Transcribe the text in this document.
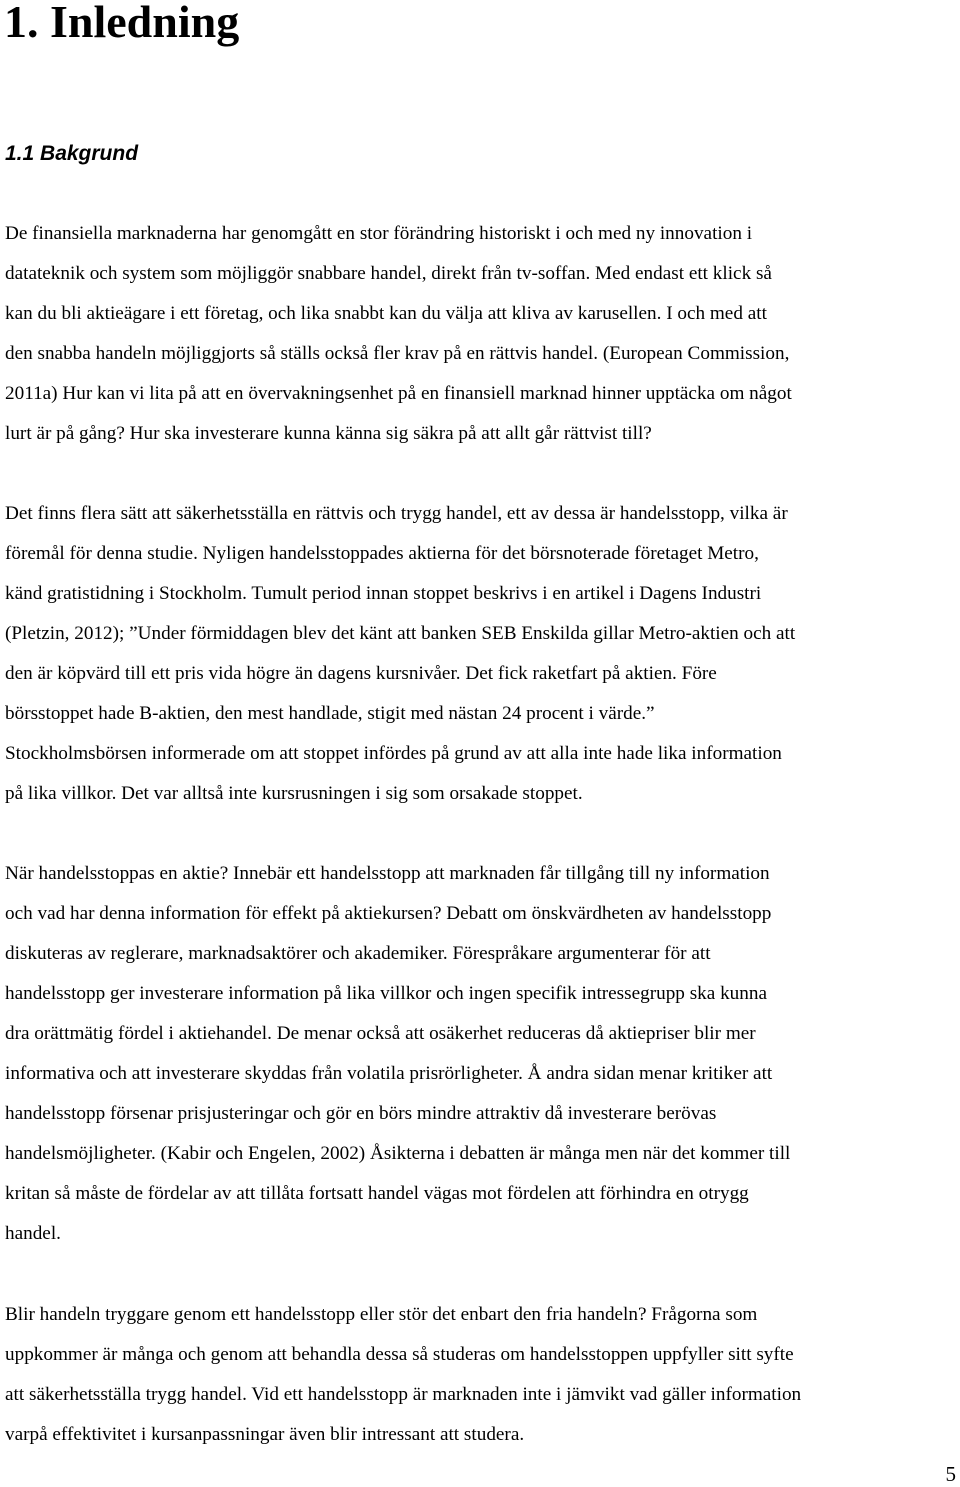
1. Inledning
1.1 Bakgrund
De finansiella marknaderna har genomgått en stor förändring historiskt i och med ny innovation i
datateknik och system som möjliggör snabbare handel, direkt från tv-soffan. Med endast ett klick så
kan du bli aktieägare i ett företag, och lika snabbt kan du välja att kliva av karusellen. I och med att
den snabba handeln möjliggjorts så ställs också fler krav på en rättvis handel. (European Commission,
2011a) Hur kan vi lita på att en övervakningsenhet på en finansiell marknad hinner upptäcka om något
lurt är på gång? Hur ska investerare kunna känna sig säkra på att allt går rättvist till?
Det finns flera sätt att säkerhetsställa en rättvis och trygg handel, ett av dessa är handelsstopp, vilka är
föremål för denna studie. Nyligen handelsstoppades aktierna för det börsnoterade företaget Metro,
känd gratistidning i Stockholm. Tumult period innan stoppet beskrivs i en artikel i Dagens Industri
(Pletzin, 2012); ”Under förmiddagen blev det känt att banken SEB Enskilda gillar Metro-aktien och att
den är köpvärd till ett pris vida högre än dagens kursnivåer. Det fick raketfart på aktien. Före
börsstoppet hade B-aktien, den mest handlade, stigit med nästan 24 procent i värde.”
Stockholmsbörsen informerade om att stoppet infördes på grund av att alla inte hade lika information
på lika villkor. Det var alltså inte kursrusningen i sig som orsakade stoppet.
När handelsstoppas en aktie? Innebär ett handelsstopp att marknaden får tillgång till ny information
och vad har denna information för effekt på aktiekursen? Debatt om önskvärdheten av handelsstopp
diskuteras av reglerare, marknadsaktörer och akademiker. Förespråkare argumenterar för att
handelsstopp ger investerare information på lika villkor och ingen specifik intressegrupp ska kunna
dra orättmätig fördel i aktiehandel. De menar också att osäkerhet reduceras då aktiepriser blir mer
informativa och att investerare skyddas från volatila prisrörligheter. Å andra sidan menar kritiker att
handelsstopp försenar prisjusteringar och gör en börs mindre attraktiv då investerare berövas
handelsmöjligheter. (Kabir och Engelen, 2002) Åsikterna i debatten är många men när det kommer till
kritan så måste de fördelar av att tillåta fortsatt handel vägas mot fördelen att förhindra en otrygg
handel.
Blir handeln tryggare genom ett handelsstopp eller stör det enbart den fria handeln? Frågorna som
uppkommer är många och genom att behandla dessa så studeras om handelsstoppen uppfyller sitt syfte
att säkerhetsställa trygg handel. Vid ett handelsstopp är marknaden inte i jämvikt vad gäller information
varpå effektivitet i kursanpassningar även blir intressant att studera.
5
